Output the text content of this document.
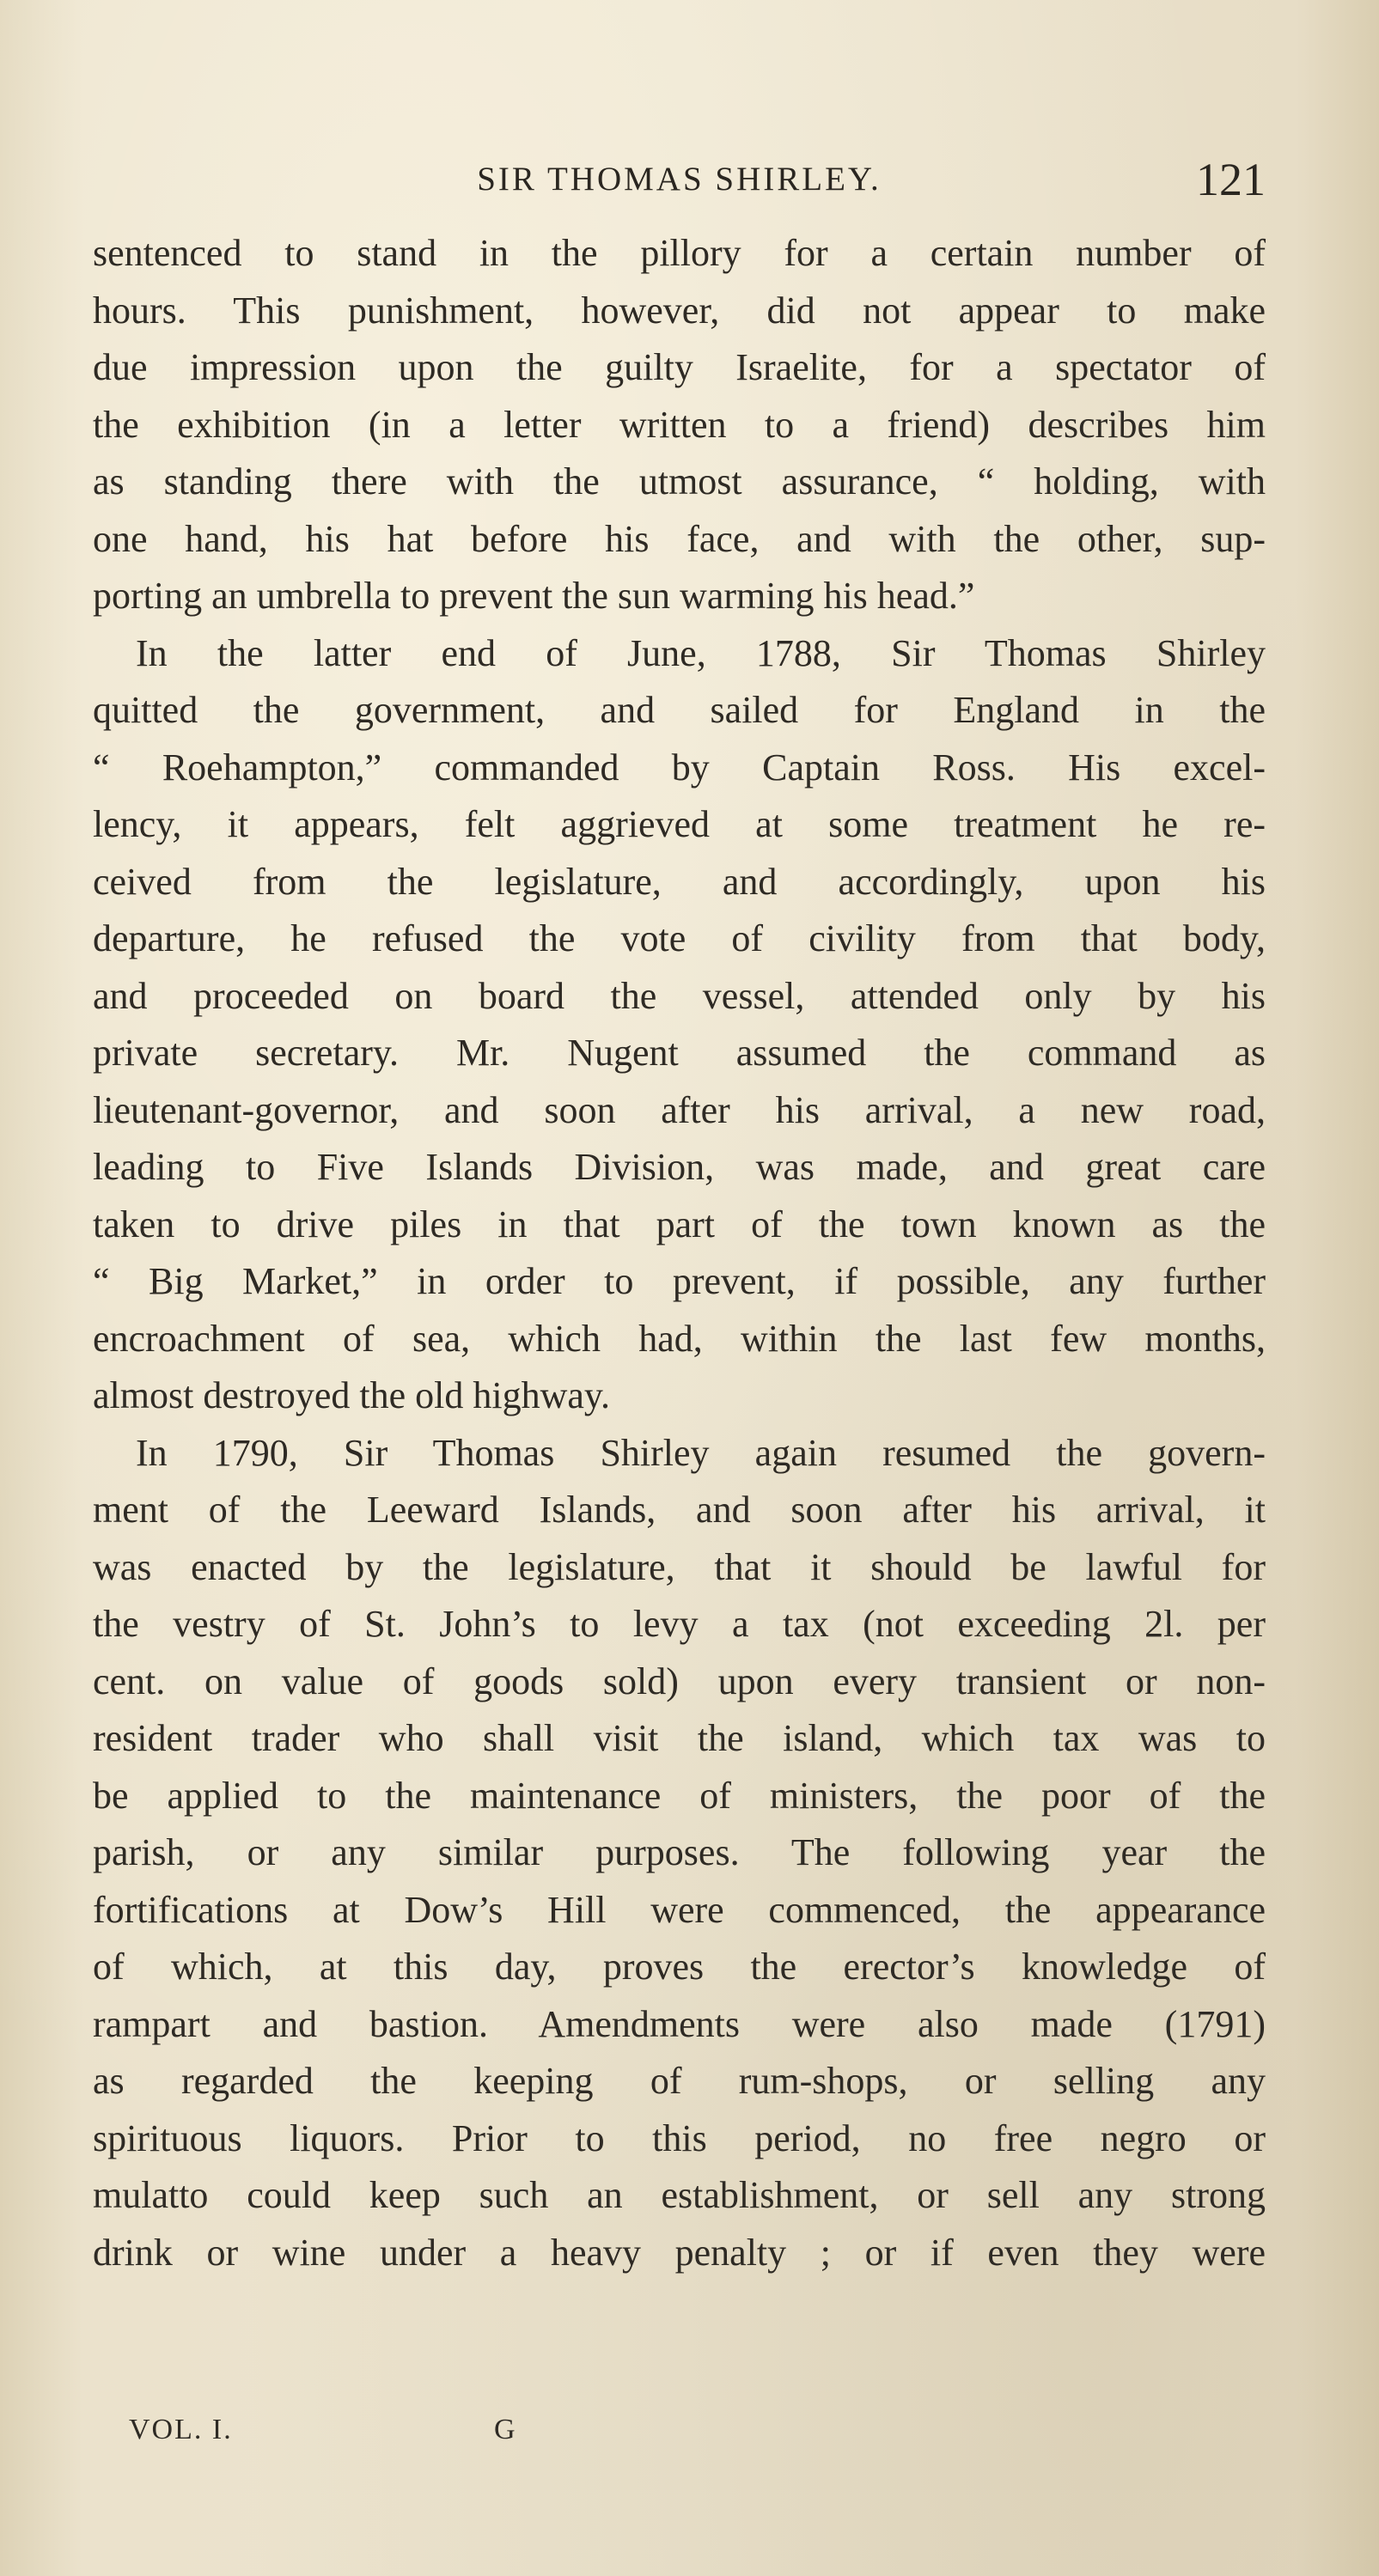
SIR THOMAS SHIRLEY.	121
sentenced to stand in the pillory for a certain number of
hours. This punishment, however, did not appear to make
due impression upon the guilty Israelite, for a spectator of
the exhibition (in a letter written to a friend) describes him
as standing there with the utmost assurance, “ holding, with
one hand, his hat before his face, and with the other, sup-
porting an umbrella to prevent the sun warming his head.”
In the latter end of June, 1788, Sir Thomas Shirley
quitted the government, and sailed for England in the
“ Roehampton,” commanded by Captain Ross. His excel-
lency, it appears, felt aggrieved at some treatment he re-
ceived from the legislature, and accordingly, upon his
departure, he refused the vote of civility from that body,
and proceeded on board the vessel, attended only by his
private secretary. Mr. Nugent assumed the command as
lieutenant-governor, and soon after his arrival, a new road,
leading to Five Islands Division, was made, and great care
taken to drive piles in that part of the town known as the
“ Big Market,” in order to prevent, if possible, any further
encroachment of sea, which had, within the last few months,
almost destroyed the old highway.
In 1790, Sir Thomas Shirley again resumed the govern-
ment of the Leeward Islands, and soon after his arrival, it
was enacted by the legislature, that it should be lawful for
the vestry of St. John’s to levy a tax (not exceeding 2l. per
cent. on value of goods sold) upon every transient or non-
resident trader who shall visit the island, which tax was to
be applied to the maintenance of ministers, the poor of the
parish, or any similar purposes. The following year the
fortifications at Dow’s Hill were commenced, the appearance
of which, at this day, proves the erector’s knowledge of
rampart and bastion. Amendments were also made (1791)
as regarded the keeping of rum-shops, or selling any
spirituous liquors. Prior to this period, no free negro or
mulatto could keep such an establishment, or sell any strong
drink or wine under a heavy penalty ; or if even they were
VOL. I.	G
